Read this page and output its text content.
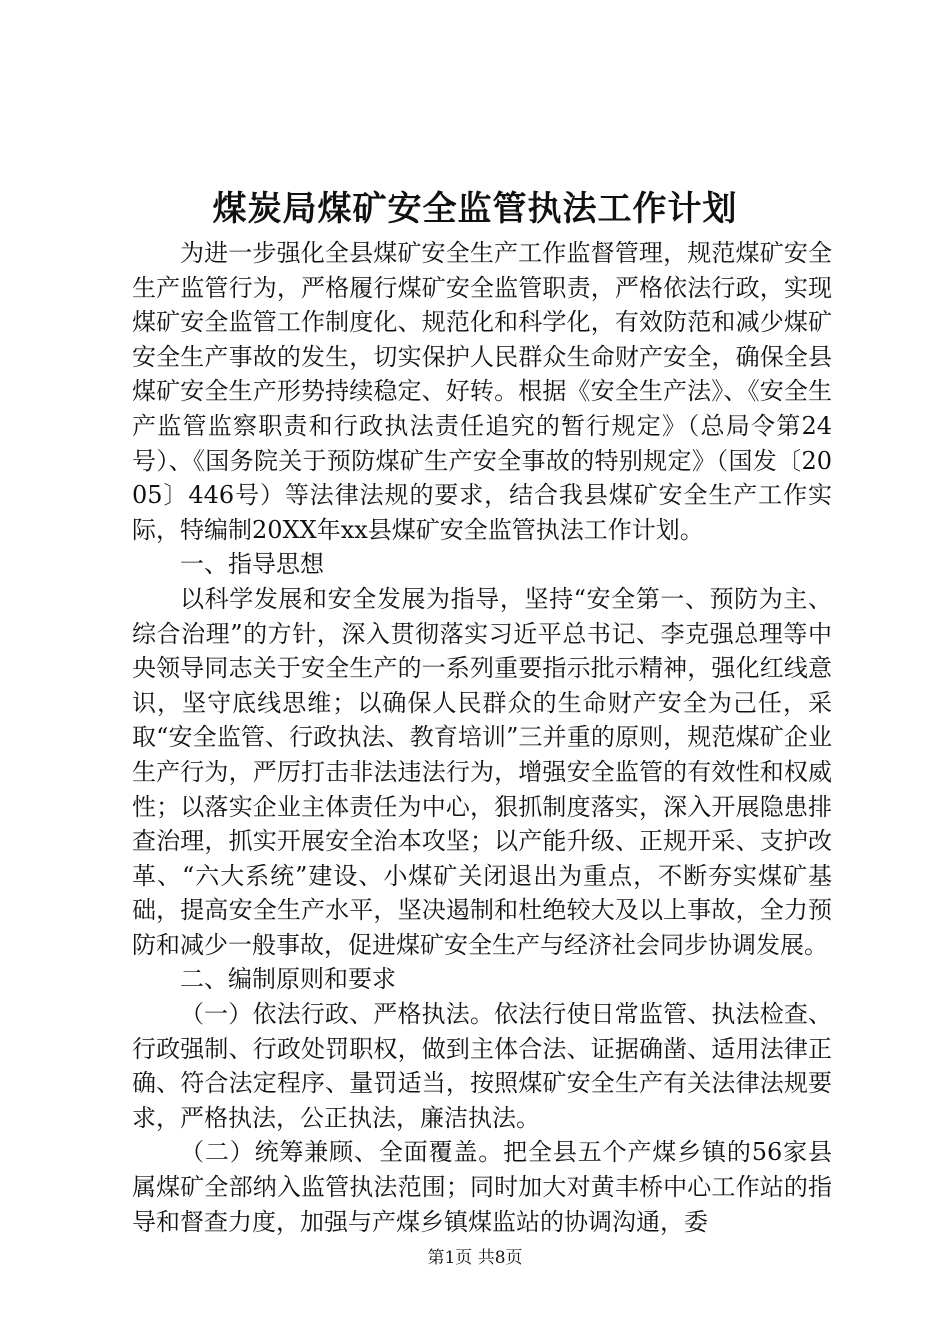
煤炭局煤矿安全监管执法工作计划

为进一步强化全县煤矿安全生产工作监督管理，规范煤矿安全生产监管行为，严格履行煤矿安全监管职责，严格依法行政，实现煤矿安全监管工作制度化、规范化和科学化，有效防范和减少煤矿安全生产事故的发生，切实保护人民群众生命财产安全，确保全县煤矿安全生产形势持续稳定、好转。根据《安全生产法》、《安全生产监管监察职责和行政执法责任追究的暂行规定》（总局令第24号）、《国务院关于预防煤矿生产安全事故的特别规定》（国发〔2005〕446号）等法律法规的要求，结合我县煤矿安全生产工作实际，特编制20XX年xx县煤矿安全监管执法工作计划。

一、指导思想

以科学发展和安全发展为指导，坚持“安全第一、预防为主、综合治理”的方针，深入贯彻落实习近平总书记、李克强总理等中央领导同志关于安全生产的一系列重要指示批示精神，强化红线意识，坚守底线思维；以确保人民群众的生命财产安全为己任，采取“安全监管、行政执法、教育培训”三并重的原则，规范煤矿企业生产行为，严厉打击非法违法行为，增强安全监管的有效性和权威性；以落实企业主体责任为中心，狠抓制度落实，深入开展隐患排查治理，抓实开展安全治本攻坚；以产能升级、正规开采、支护改革、“六大系统”建设、小煤矿关闭退出为重点，不断夯实煤矿基础，提高安全生产水平，坚决遏制和杜绝较大及以上事故，全力预防和减少一般事故，促进煤矿安全生产与经济社会同步协调发展。

二、编制原则和要求

（一）依法行政、严格执法。依法行使日常监管、执法检查、行政强制、行政处罚职权，做到主体合法、证据确凿、适用法律正确、符合法定程序、量罚适当，按照煤矿安全生产有关法律法规要求，严格执法，公正执法，廉洁执法。

（二）统筹兼顾、全面覆盖。把全县五个产煤乡镇的56家县属煤矿全部纳入监管执法范围；同时加大对黄丰桥中心工作站的指导和督查力度，加强与产煤乡镇煤监站的协调沟通，委

第1页 共8页
